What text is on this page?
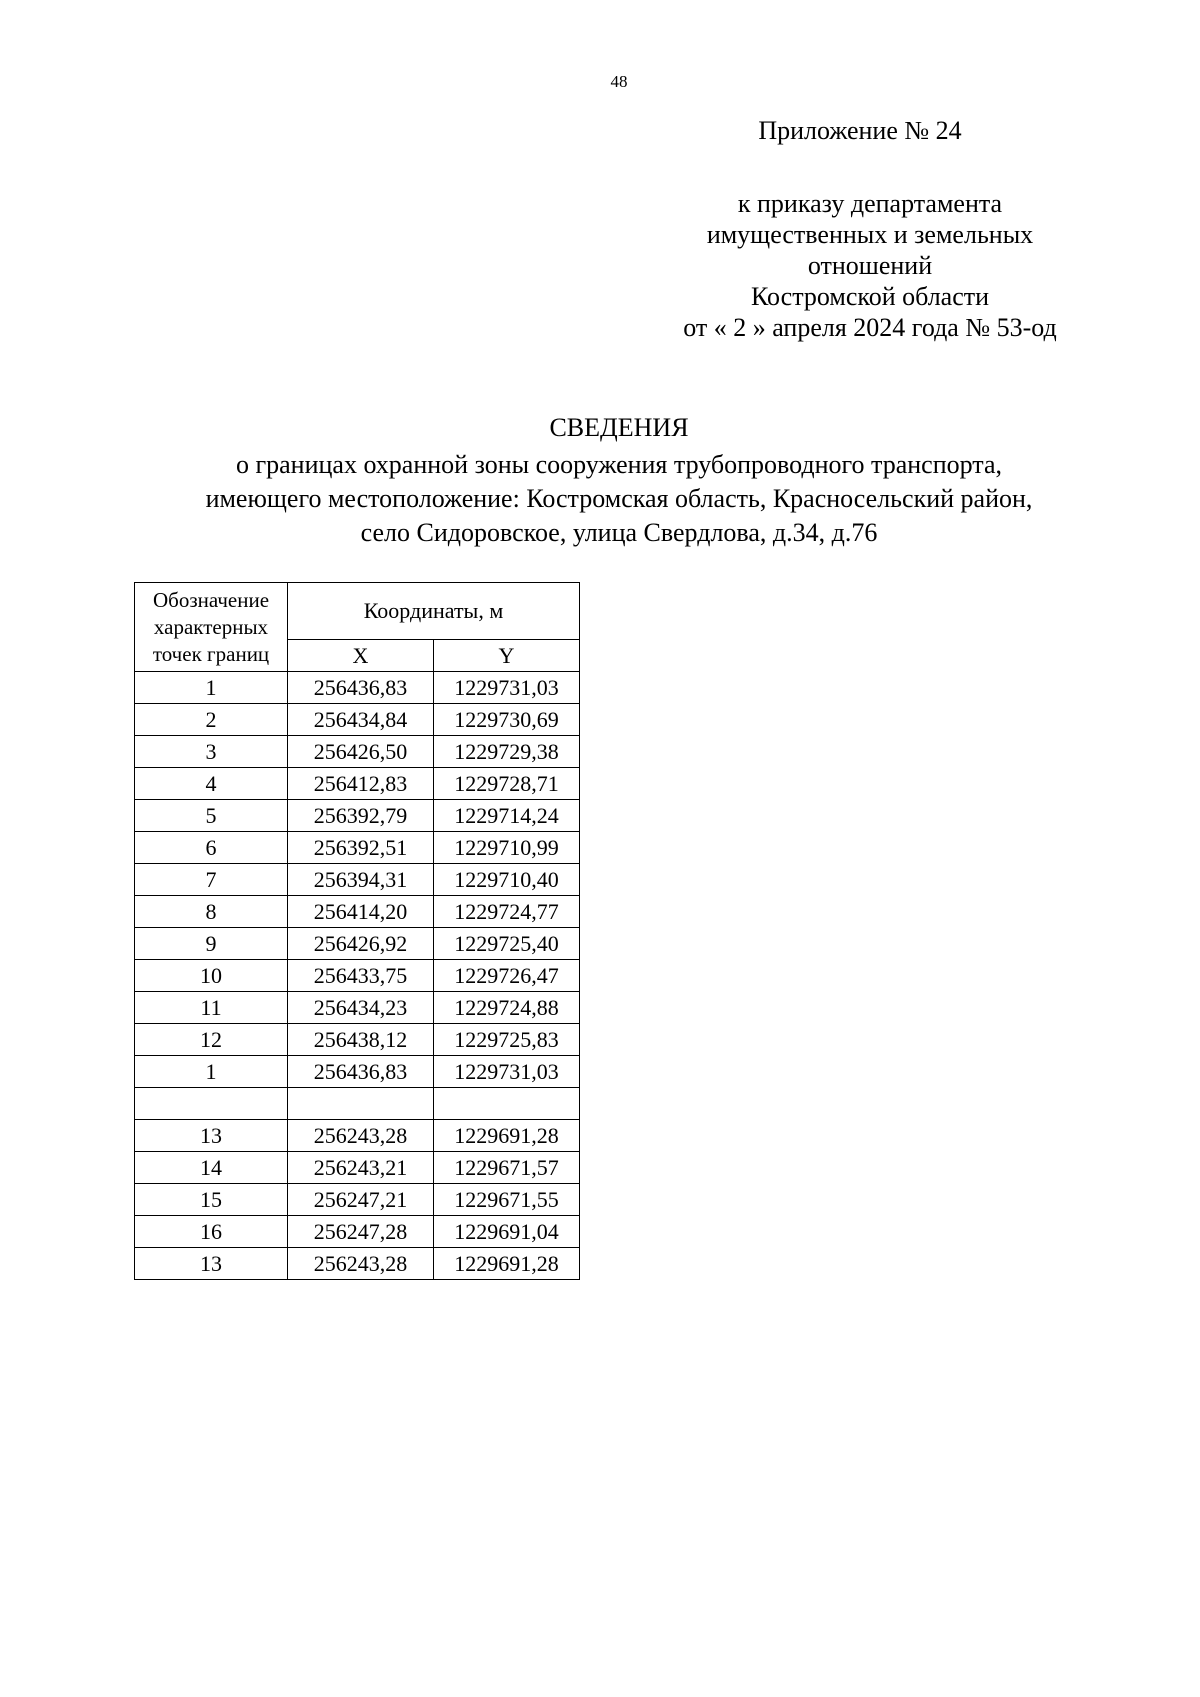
48
Приложение № 24
к приказу департамента
имущественных и земельных
отношений
Костромской области
от « 2 » апреля 2024 года № 53-од
СВЕДЕНИЯ
о границах охранной зоны сооружения трубопроводного транспорта,
имеющего местоположение: Костромская область, Красносельский район,
село Сидоровское, улица Свердлова, д.34, д.76
Обозначение
характерных
точек границ	Координаты, м	
	X	Y
1	256436,83	1229731,03
2	256434,84	1229730,69
3	256426,50	1229729,38
4	256412,83	1229728,71
5	256392,79	1229714,24
6	256392,51	1229710,99
7	256394,31	1229710,40
8	256414,20	1229724,77
9	256426,92	1229725,40
10	256433,75	1229726,47
11	256434,23	1229724,88
12	256438,12	1229725,83
1	256436,83	1229731,03

13	256243,28	1229691,28
14	256243,21	1229671,57
15	256247,21	1229671,55
16	256247,28	1229691,04
13	256243,28	1229691,28
